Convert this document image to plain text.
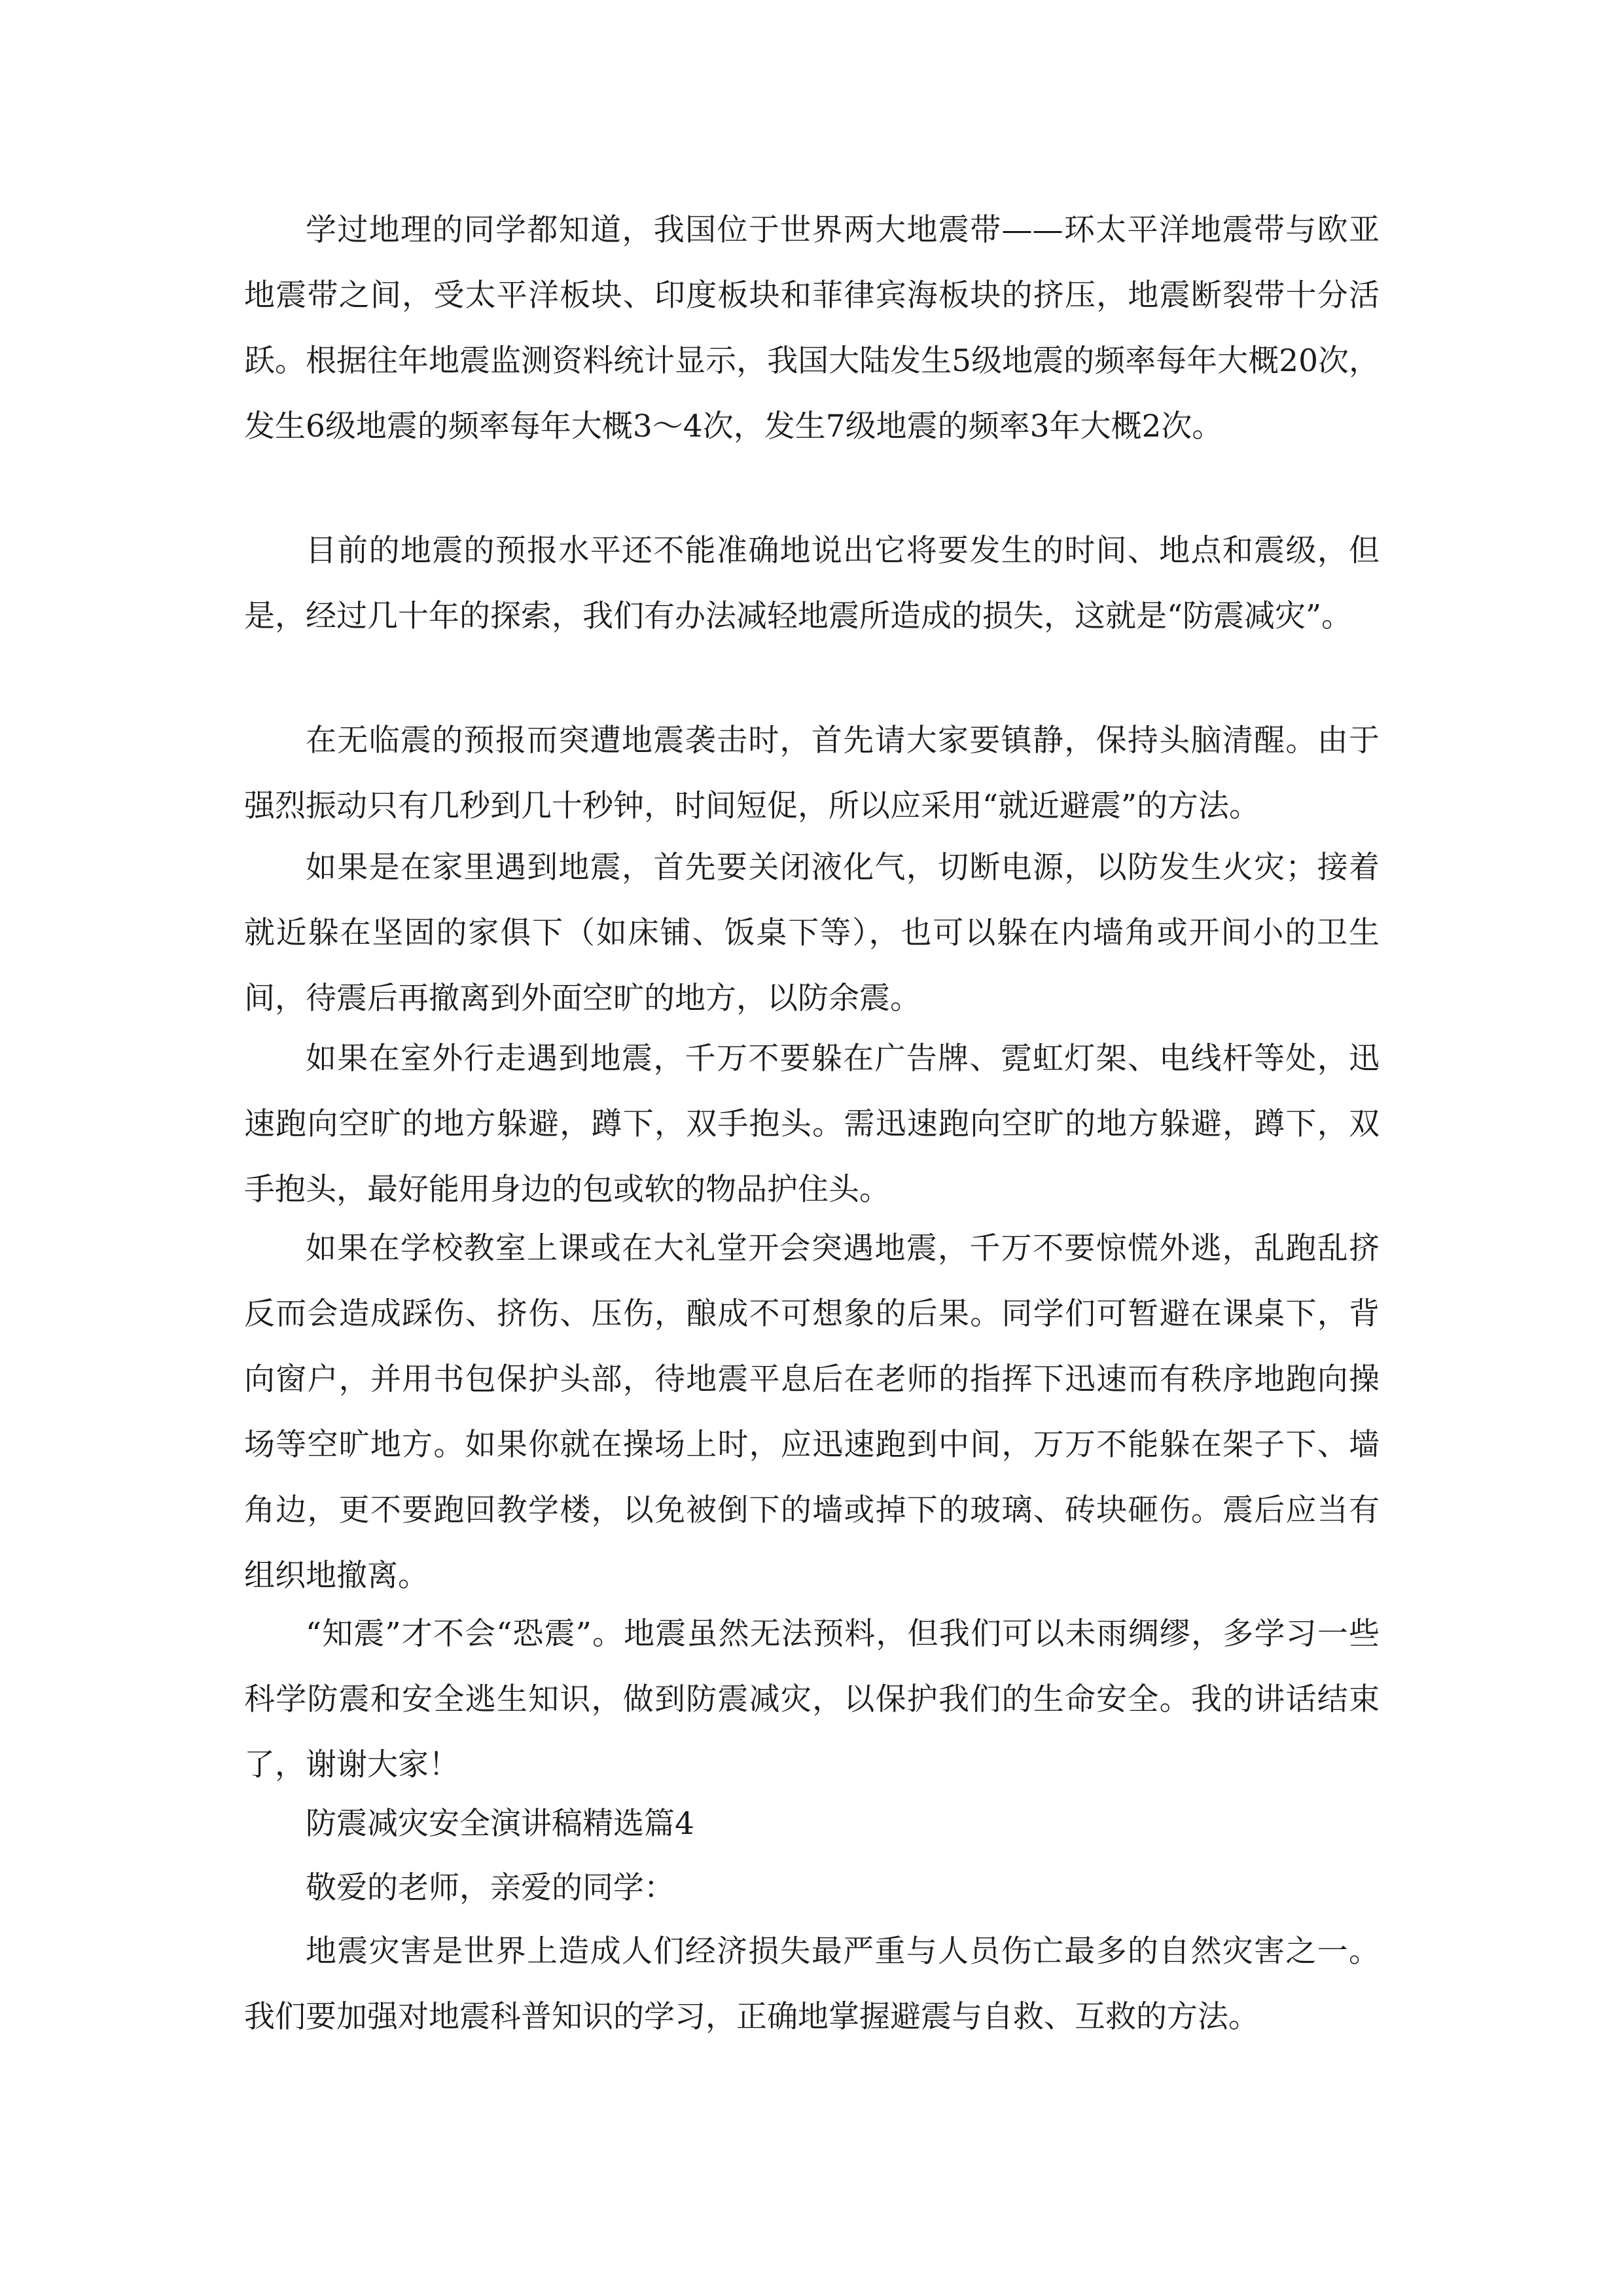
学过地理的同学都知道，我国位于世界两大地震带——环太平洋地震带与欧亚地震带之间，受太平洋板块、印度板块和菲律宾海板块的挤压，地震断裂带十分活跃。根据往年地震监测资料统计显示，我国大陆发生5级地震的频率每年大概20次，发生6级地震的频率每年大概3～4次，发生7级地震的频率3年大概2次。

目前的地震的预报水平还不能准确地说出它将要发生的时间、地点和震级，但是，经过几十年的探索，我们有办法减轻地震所造成的损失，这就是“防震减灾”。

在无临震的预报而突遭地震袭击时，首先请大家要镇静，保持头脑清醒。由于强烈振动只有几秒到几十秒钟，时间短促，所以应采用“就近避震”的方法。

如果是在家里遇到地震，首先要关闭液化气，切断电源，以防发生火灾；接着就近躲在坚固的家俱下（如床铺、饭桌下等），也可以躲在内墙角或开间小的卫生间，待震后再撤离到外面空旷的地方，以防余震。

如果在室外行走遇到地震，千万不要躲在广告牌、霓虹灯架、电线杆等处，迅速跑向空旷的地方躲避，蹲下，双手抱头。需迅速跑向空旷的地方躲避，蹲下，双手抱头，最好能用身边的包或软的物品护住头。

如果在学校教室上课或在大礼堂开会突遇地震，千万不要惊慌外逃，乱跑乱挤反而会造成踩伤、挤伤、压伤，酿成不可想象的后果。同学们可暂避在课桌下，背向窗户，并用书包保护头部，待地震平息后在老师的指挥下迅速而有秩序地跑向操场等空旷地方。如果你就在操场上时，应迅速跑到中间，万万不能躲在架子下、墙角边，更不要跑回教学楼，以免被倒下的墙或掉下的玻璃、砖块砸伤。震后应当有组织地撤离。

“知震”才不会“恐震”。地震虽然无法预料，但我们可以未雨绸缪，多学习一些科学防震和安全逃生知识，做到防震减灾，以保护我们的生命安全。我的讲话结束了，谢谢大家！

防震减灾安全演讲稿精选篇4

敬爱的老师，亲爱的同学：

地震灾害是世界上造成人们经济损失最严重与人员伤亡最多的自然灾害之一。我们要加强对地震科普知识的学习，正确地掌握避震与自救、互救的方法。
